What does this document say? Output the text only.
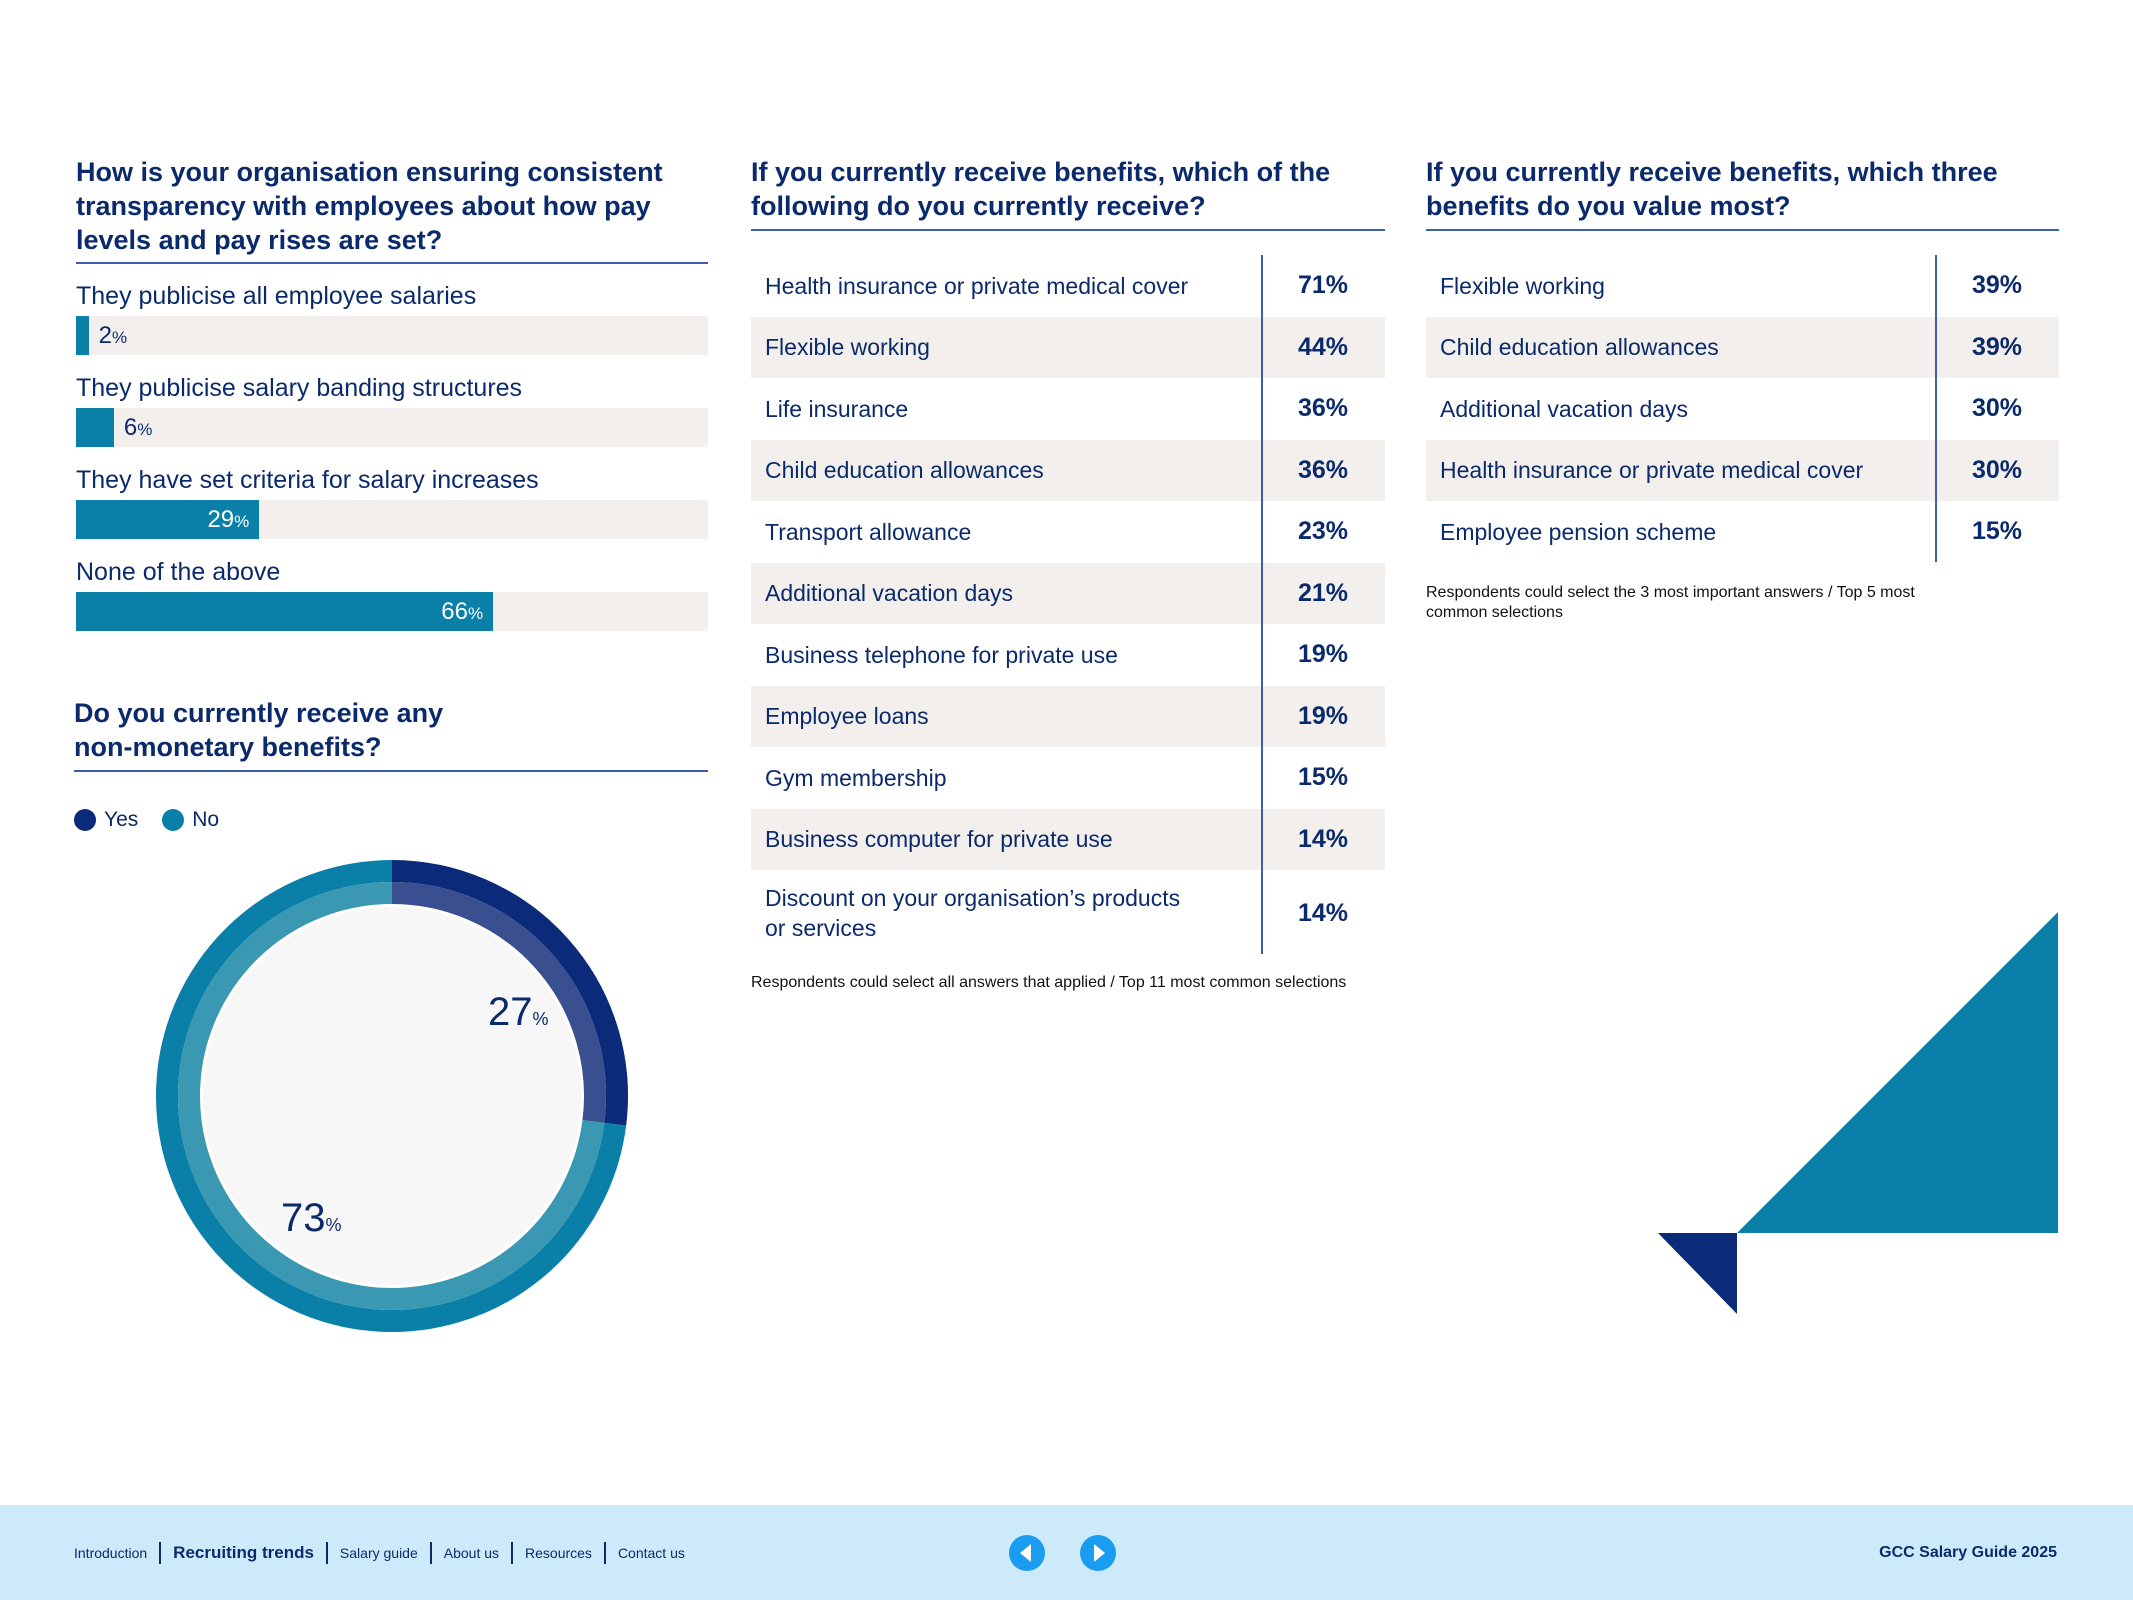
How is your organisation ensuring consistent
transparency with employees about how pay
levels and pay rises are set?
They publicise all employee salaries
2%
They publicise salary banding structures
6%
They have set criteria for salary increases
29%
None of the above
66%
Do you currently receive any
non-monetary benefits?
Yes	No
27%
73%
If you currently receive benefits, which of the
following do you currently receive?
Health insurance or private medical cover	71%
Flexible working	44%
Life insurance	36%
Child education allowances	36%
Transport allowance	23%
Additional vacation days	21%
Business telephone for private use	19%
Employee loans	19%
Gym membership	15%
Business computer for private use	14%
Discount on your organisation’s products
or services
14%
Respondents could select all answers that applied / Top 11 most common selections
If you currently receive benefits, which three
benefits do you value most?
Flexible working	39%
Child education allowances	39%
Additional vacation days	30%
Health insurance or private medical cover	30%
Employee pension scheme	15%
Respondents could select the 3 most important answers / Top 5 most
common selections
Introduction	Recruiting trends	Salary guide	About us	Resources	Contact us	GCC Salary Guide 2025
